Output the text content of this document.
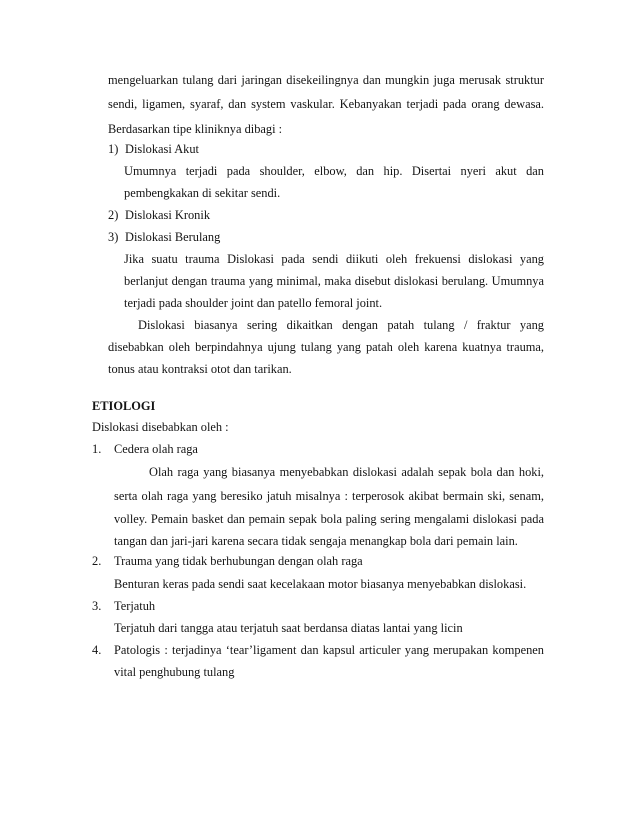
mengeluarkan tulang dari jaringan disekeilingnya dan mungkin juga merusak struktur
sendi, ligamen, syaraf, dan system vaskular. Kebanyakan terjadi pada orang dewasa.
Berdasarkan tipe kliniknya dibagi :
1) Dislokasi Akut
Umumnya terjadi pada shoulder, elbow, dan hip. Disertai nyeri akut dan
pembengkakan di sekitar sendi.
2) Dislokasi Kronik
3) Dislokasi Berulang
Jika suatu trauma Dislokasi pada sendi diikuti oleh frekuensi dislokasi yang
berlanjut dengan trauma yang minimal, maka disebut dislokasi berulang. Umumnya
terjadi pada shoulder joint dan patello femoral joint.
Dislokasi biasanya sering dikaitkan dengan patah tulang / fraktur yang
disebabkan oleh berpindahnya ujung tulang yang patah oleh karena kuatnya trauma,
tonus atau kontraksi otot dan tarikan.
ETIOLOGI
Dislokasi disebabkan oleh :
1. Cedera olah raga
Olah raga yang biasanya menyebabkan dislokasi adalah sepak bola dan hoki,
serta olah raga yang beresiko jatuh misalnya : terperosok akibat bermain ski, senam,
volley. Pemain basket dan pemain sepak bola paling sering mengalami dislokasi pada
tangan dan jari-jari karena secara tidak sengaja menangkap bola dari pemain lain.
2. Trauma yang tidak berhubungan dengan olah raga
Benturan keras pada sendi saat kecelakaan motor biasanya menyebabkan dislokasi.
3. Terjatuh
Terjatuh dari tangga atau terjatuh saat berdansa diatas lantai yang licin
4. Patologis : terjadinya ‘tear’ligament dan kapsul articuler yang merupakan kompenen
vital penghubung tulang
